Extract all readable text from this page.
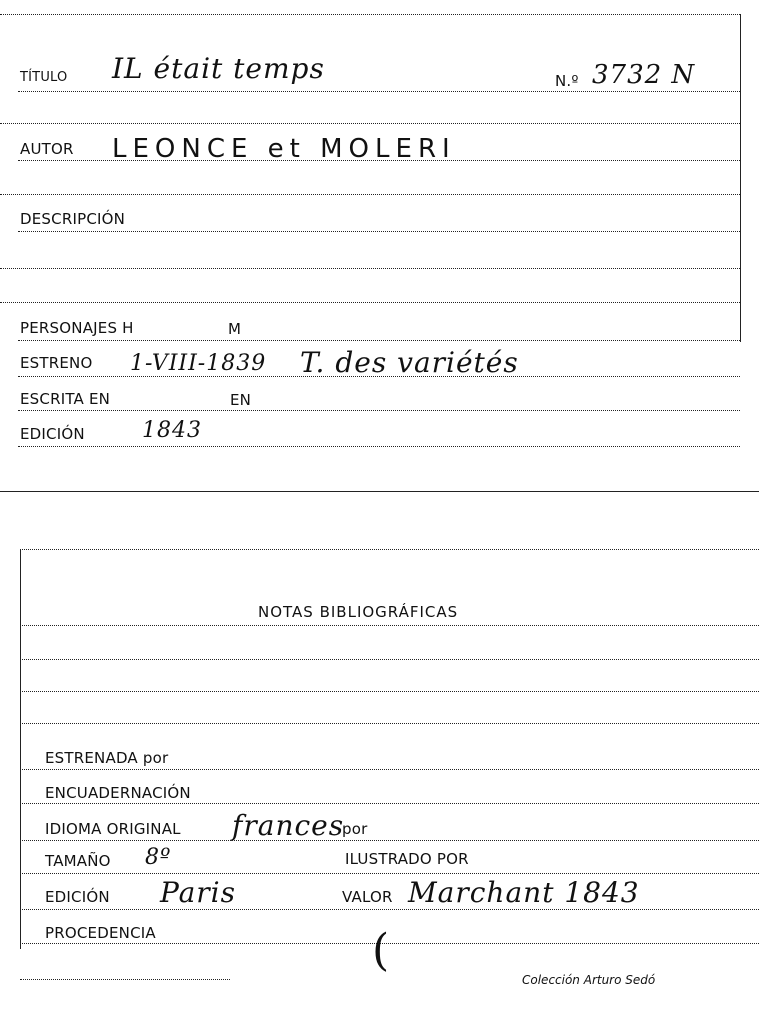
TÍTULO IL était temps	N.º 3732 N
AUTOR LEONCE et MOLERI
DESCRIPCIÓN
PERSONAJES H	M
ESTRENO 1-VIII-1839 T. des variétés
ESCRITA EN	EN
EDICIÓN	1843
NOTAS BIBLIOGRÁFICAS
ESTRENADA por
ENCUADERNACIÓN
IDIOMA ORIGINAL frances
por
TAMAÑO 8º	ILUSTRADO POR
EDICIÓN Paris	VALOR Marchant 1843
PROCEDENCIA	(
Colección Arturo Sedó
